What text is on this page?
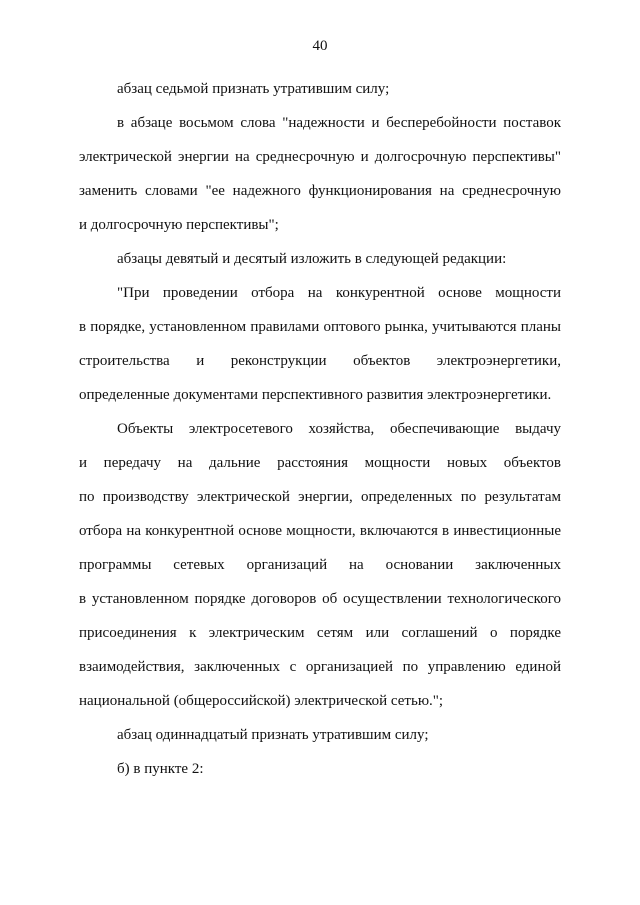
40
абзац седьмой признать утратившим силу;
в абзаце восьмом слова "надежности и бесперебойности поставок
электрической энергии на среднесрочную и долгосрочную перспективы"
заменить словами "ее надежного функционирования на среднесрочную
и долгосрочную перспективы";
абзацы девятый и десятый изложить в следующей редакции:
"При проведении отбора на конкурентной основе мощности
в порядке, установленном правилами оптового рынка, учитываются планы
строительства и реконструкции объектов электроэнергетики,
определенные документами перспективного развития электроэнергетики.
Объекты электросетевого хозяйства, обеспечивающие выдачу
и передачу на дальние расстояния мощности новых объектов
по производству электрической энергии, определенных по результатам
отбора на конкурентной основе мощности, включаются в инвестиционные
программы сетевых организаций на основании заключенных
в установленном порядке договоров об осуществлении технологического
присоединения к электрическим сетям или соглашений о порядке
взаимодействия, заключенных с организацией по управлению единой
национальной (общероссийской) электрической сетью.";
абзац одиннадцатый признать утратившим силу;
б) в пункте 2:
